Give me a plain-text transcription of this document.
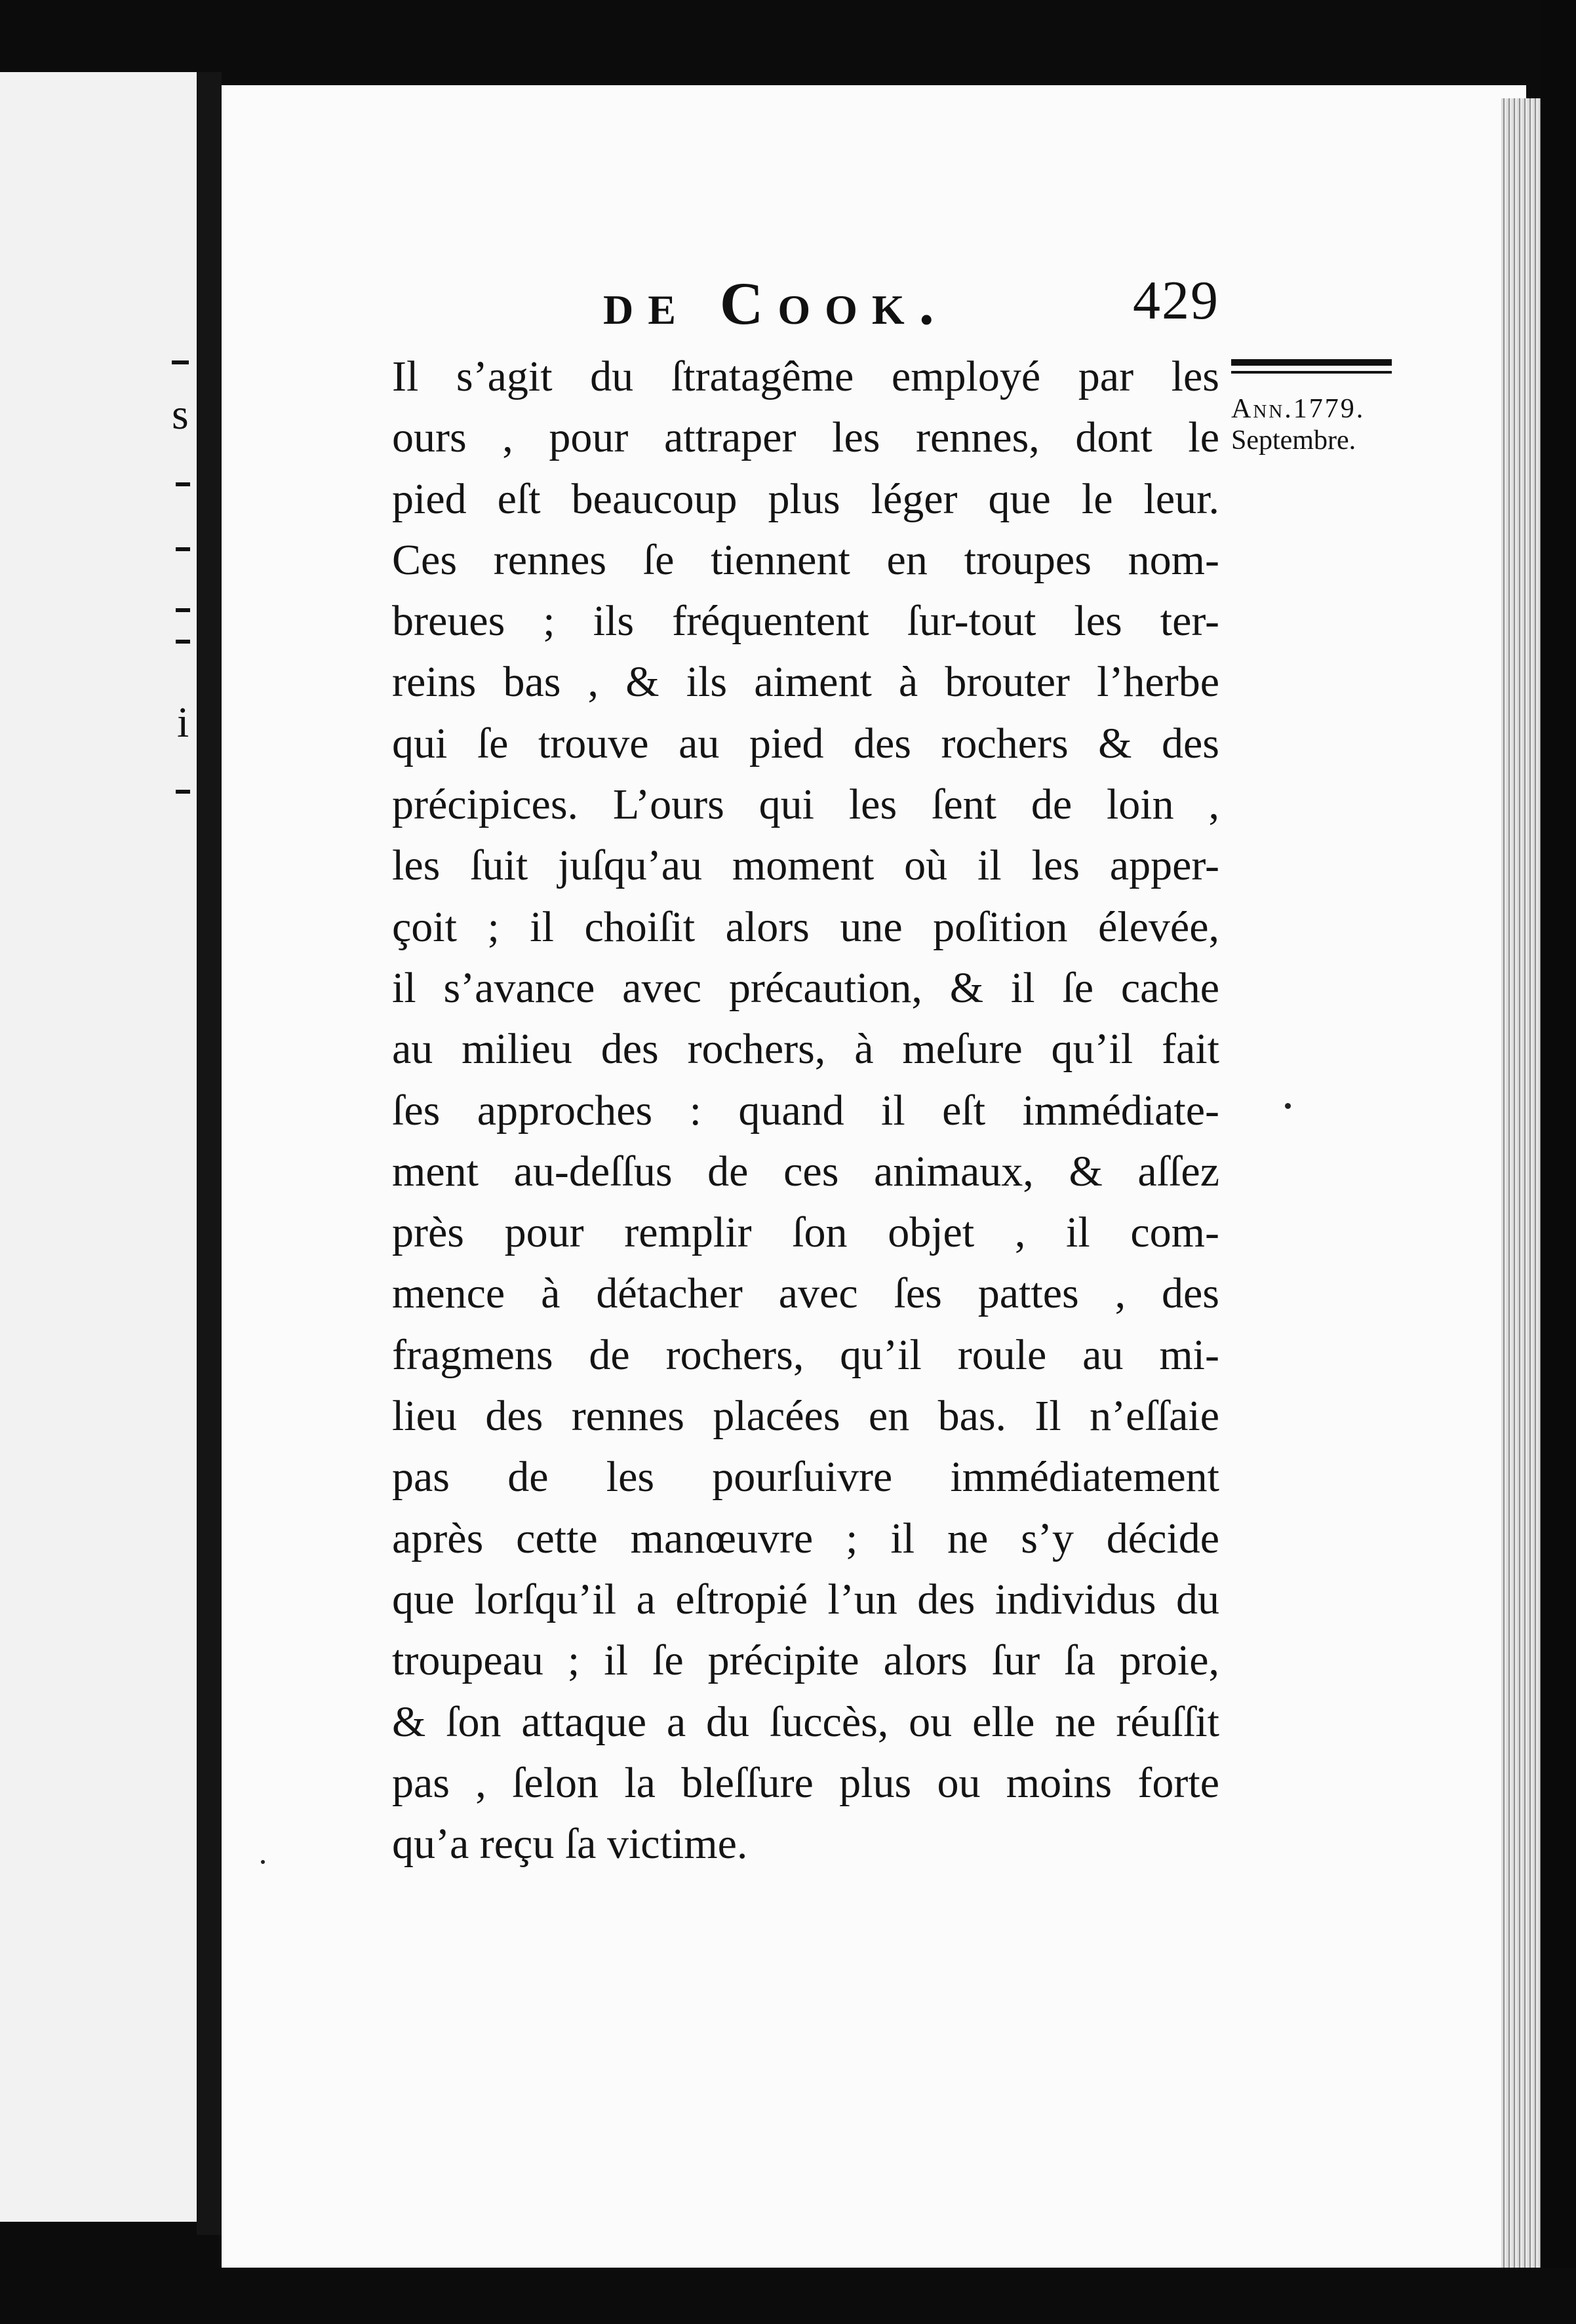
s
i
de Cook.	429
Il s’agit du ſtratagême employé par les
ours , pour attraper les rennes, dont le
pied eſt beaucoup plus léger que le leur.
Ces rennes ſe tiennent en troupes nom-
breues ; ils fréquentent ſur-tout les ter-
reins bas , & ils aiment à brouter l’herbe
qui ſe trouve au pied des rochers & des
précipices. L’ours qui les ſent de loin ,
les ſuit juſqu’au moment où il les apper-
çoit ; il choiſit alors une poſition élevée,
il s’avance avec précaution, & il ſe cache
au milieu des rochers, à meſure qu’il fait
ſes approches : quand il eſt immédiate-
ment au-deſſus de ces animaux, & aſſez
près pour remplir ſon objet , il com-
mence à détacher avec ſes pattes , des
fragmens de rochers, qu’il roule au mi-
lieu des rennes placées en bas. Il n’eſſaie
pas de les pourſuivre immédiatement
après cette manœuvre ; il ne s’y décide
que lorſqu’il a eſtropié l’un des individus du
troupeau ; il ſe précipite alors ſur ſa proie,
& ſon attaque a du ſuccès, ou elle ne réuſſit
pas , ſelon la bleſſure plus ou moins forte
qu’a reçu ſa victime.
Ann.1779.
Septembre.
